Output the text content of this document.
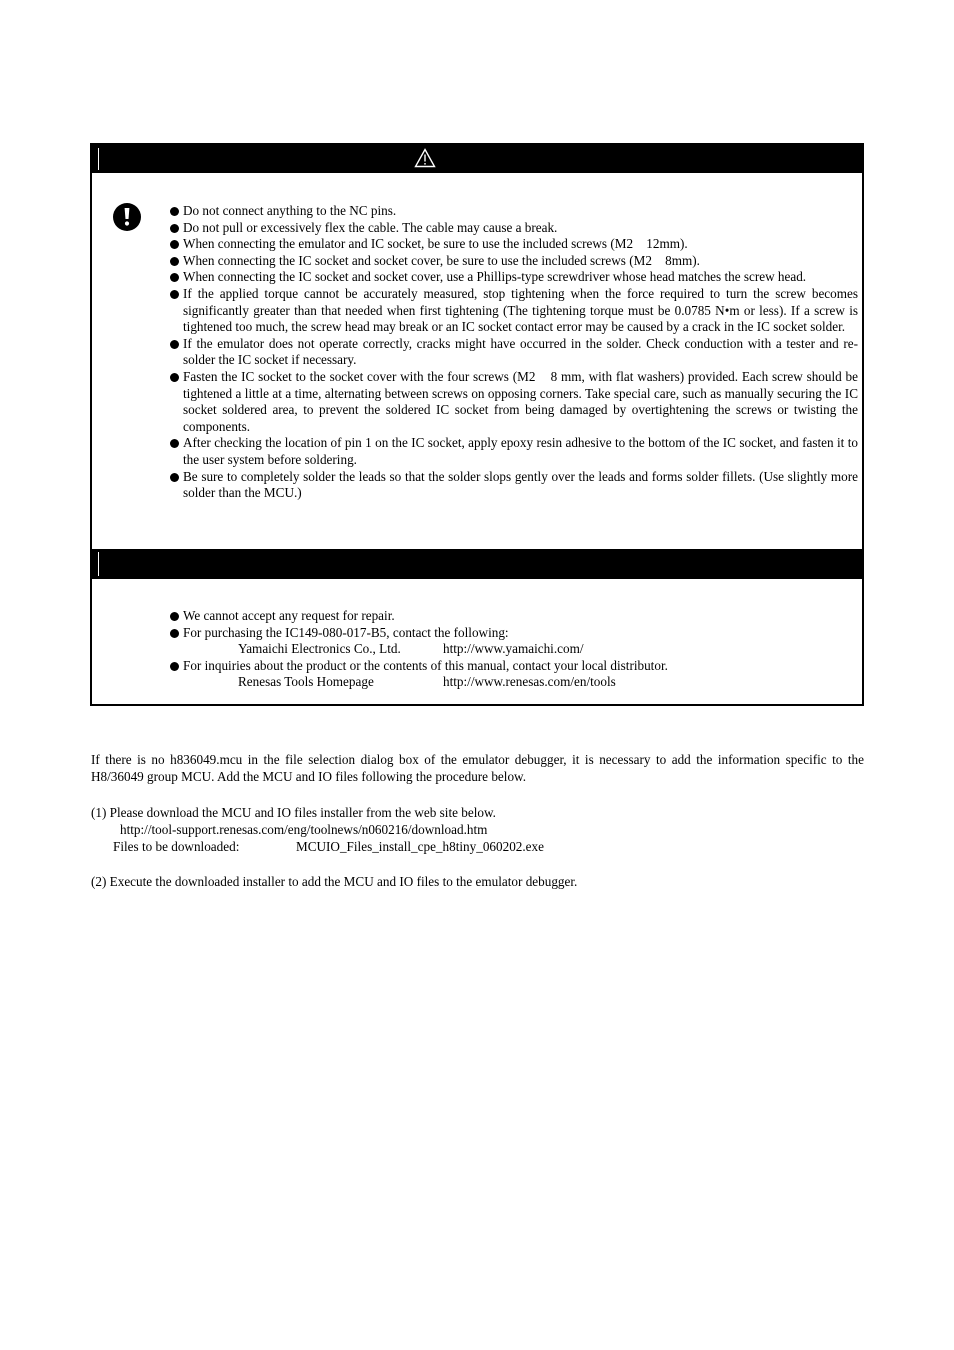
Do not connect anything to the NC pins.
Do not pull or excessively flex the cable. The cable may cause a break.
When connecting the emulator and IC socket, be sure to use the included screws (M2    12mm).
When connecting the IC socket and socket cover, be sure to use the included screws (M2    8mm).
When connecting the IC socket and socket cover, use a Phillips-type screwdriver whose head matches the screw head.
If the applied torque cannot be accurately measured, stop tightening when the force required to turn the screw becomes significantly greater than that needed when first tightening (The tightening torque must be 0.0785 N•m or less). If a screw is tightened too much, the screw head may break or an IC socket contact error may be caused by a crack in the IC socket solder.
If the emulator does not operate correctly, cracks might have occurred in the solder. Check conduction with a tester and re-solder the IC socket if necessary.
Fasten the IC socket to the socket cover with the four screws (M2    8 mm, with flat washers) provided. Each screw should be tightened a little at a time, alternating between screws on opposing corners. Take special care, such as manually securing the IC socket soldered area, to prevent the soldered IC socket from being damaged by overtightening the screws or twisting the components.
After checking the location of pin 1 on the IC socket, apply epoxy resin adhesive to the bottom of the IC socket, and fasten it to the user system before soldering.
Be sure to completely solder the leads so that the solder slops gently over the leads and forms solder fillets. (Use slightly more solder than the MCU.)
We cannot accept any request for repair.
For purchasing the IC149-080-017-B5, contact the following:
Yamaichi Electronics Co., Ltd.	http://www.yamaichi.com/
For inquiries about the product or the contents of this manual, contact your local distributor.
Renesas Tools Homepage	http://www.renesas.com/en/tools
If there is no h836049.mcu in the file selection dialog box of the emulator debugger, it is necessary to add the information specific to the H8/36049 group MCU. Add the MCU and IO files following the procedure below.
(1) Please download the MCU and IO files installer from the web site below.
http://tool-support.renesas.com/eng/toolnews/n060216/download.htm
Files to be downloaded:	MCUIO_Files_install_cpe_h8tiny_060202.exe
(2) Execute the downloaded installer to add the MCU and IO files to the emulator debugger.
